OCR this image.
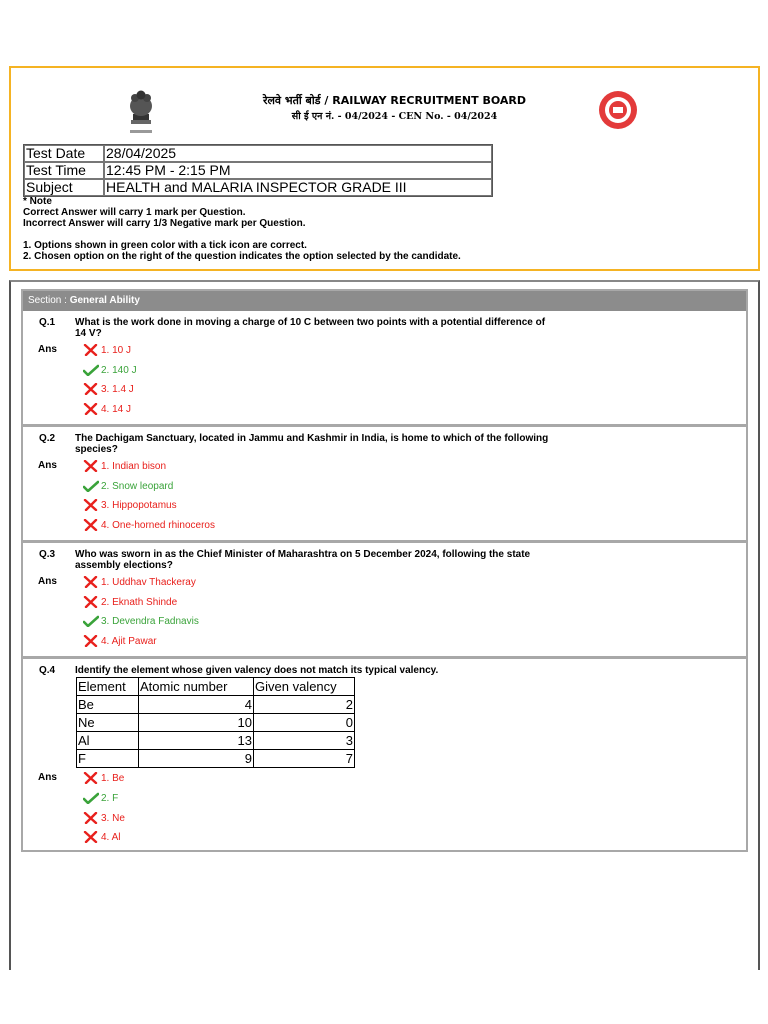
रेलवे भर्ती बोर्ड / RAILWAY RECRUITMENT BOARD
सी ई एन नं. - 04/2024 - CEN No. - 04/2024
Test Date	28/04/2025
Test Time	12:45 PM - 2:15 PM
Subject	HEALTH and MALARIA INSPECTOR GRADE III
* Note
Correct Answer will carry 1 mark per Question.
Incorrect Answer will carry 1/3 Negative mark per Question.
1. Options shown in green color with a tick icon are correct.
2. Chosen option on the right of the question indicates the option selected by the candidate.
Section : General Ability
Q.1 What is the work done in moving a charge of 10 C between two points with a potential difference of 14 V?
Ans	1. 10 J
2. 140 J
3. 1.4 J
4. 14 J
Q.2 The Dachigam Sanctuary, located in Jammu and Kashmir in India, is home to which of the following species?
Ans	1. Indian bison
2. Snow leopard
3. Hippopotamus
4. One-horned rhinoceros
Q.3 Who was sworn in as the Chief Minister of Maharashtra on 5 December 2024, following the state assembly elections?
Ans	1. Uddhav Thackeray
2. Eknath Shinde
3. Devendra Fadnavis
4. Ajit Pawar
Q.4 Identify the element whose given valency does not match its typical valency.
Element	Atomic number	Given valency
Be	4	2
Ne	10	0
Al	13	3
F	9	7
Ans	1. Be
2. F
3. Ne
4. Al
